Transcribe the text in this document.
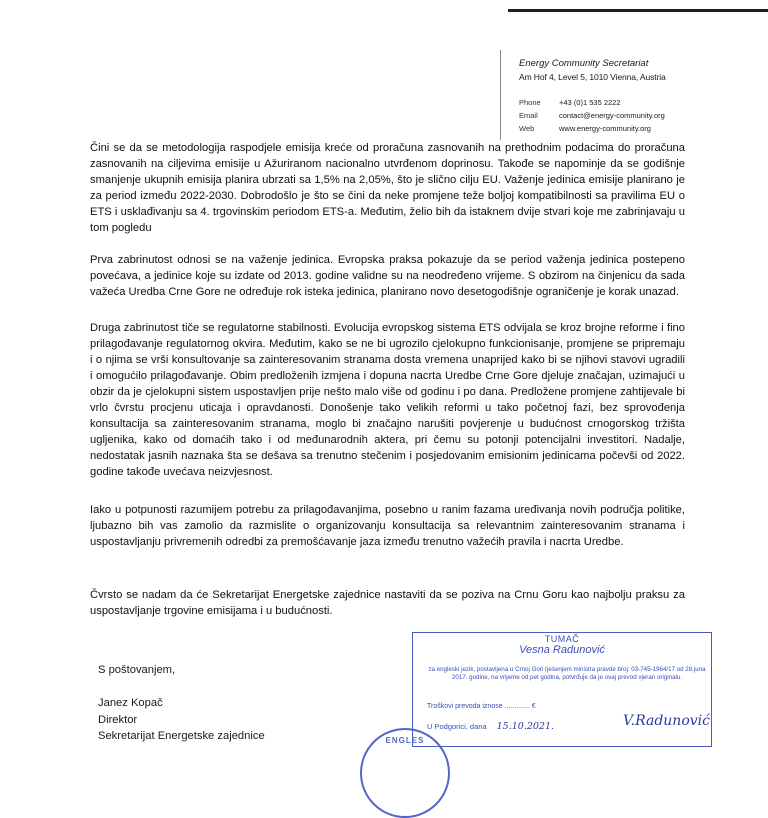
Energy Community Secretariat
Am Hof 4, Level 5, 1010 Vienna, Austria
Phone +43 (0)1 535 2222
Email	contact@energy-community.org
Web	www.energy-community.org
Čini se da se metodologija raspodjele emisija kreće od proračuna zasnovanih na prethodnim podacima do proračuna zasnovanih na ciljevima emisije u Ažuriranom nacionalno utvrđenom doprinosu. Takođe se napominje da se godišnje smanjenje ukupnih emisija planira ubrzati sa 1,5% na 2,05%, što je slično cilju EU. Važenje jedinica emisije planirano je za period između 2022-2030. Dobrodošlo je što se čini da neke promjene teže boljoj kompatibilnosti sa pravilima EU o ETS i usklađivanju sa 4. trgovinskim periodom ETS-a. Međutim, želio bih da istaknem dvije stvari koje me zabrinjavaju u tom pogledu
Prva zabrinutost odnosi se na važenje jedinica. Evropska praksa pokazuje da se period važenja jedinica postepeno povećava, a jedinice koje su izdate od 2013. godine validne su na neodređeno vrijeme. S obzirom na činjenicu da sada važeća Uredba Crne Gore ne određuje rok isteka jedinica, planirano novo desetogodišnje ograničenje je korak unazad.
Druga zabrinutost tiče se regulatorne stabilnosti. Evolucija evropskog sistema ETS odvijala se kroz brojne reforme i fino prilagođavanje regulatornog okvira. Međutim, kako se ne bi ugrozilo cjelokupno funkcionisanje, promjene se pripremaju i o njima se vrši konsultovanje sa zainteresovanim stranama dosta vremena unaprijed kako bi se njihovi stavovi ugradili i omogućilo prilagođavanje. Obim predloženih izmjena i dopuna nacrta Uredbe Crne Gore djeluje značajan, uzimajući u obzir da je cjelokupni sistem uspostavljen prije nešto malo više od godinu i po dana. Predložene promjene zahtijevale bi vrlo čvrstu procjenu uticaja i opravdanosti. Donošenje tako velikih reformi u tako početnoj fazi, bez sprovođenja konsultacija sa zainteresovanim stranama, moglo bi značajno narušiti povjerenje u budućnost crnogorskog tržišta ugljenika, kako od domaćih tako i od međunarodnih aktera, pri čemu su potonji potencijalni investitori. Nadalje, nedostatak jasnih naznaka šta se dešava sa trenutno stečenim i posjedovanim emisionim jedinicama počevši od 2022. godine takođe uvećava neizvjesnost.
Iako u potpunosti razumijem potrebu za prilagođavanjima, posebno u ranim fazama uređivanja novih područja politike, ljubazno bih vas zamolio da razmislite o organizovanju konsultacija sa relevantnim zainteresovanim stranama i uspostavljanju privremenih odredbi za premošćavanje jaza između trenutno važećih pravila i nacrta Uredbe.
Čvrsto se nadam da će Sekretarijat Energetske zajednice nastaviti da se poziva na Crnu Goru kao najbolju praksu za uspostavljanje trgovine emisijama i u budućnosti.
S poštovanjem,
Janez Kopač
Direktor
Sekretarijat Energetske zajednice
TUMAČ
Vesna Radunović
za engleski jezik, postavljena u Crnoj Gori rješenjem ministra pravde broj: 03-745-1964/17 od 28.juna 2017. godine, na vrijeme od pet godina, potvrđuje da je ovaj prevod vjeran originalu.
Troškovi prevoda iznose ............. €
U Podgorici, dana 15.10.2021.	V.Radunović
ENGLES
